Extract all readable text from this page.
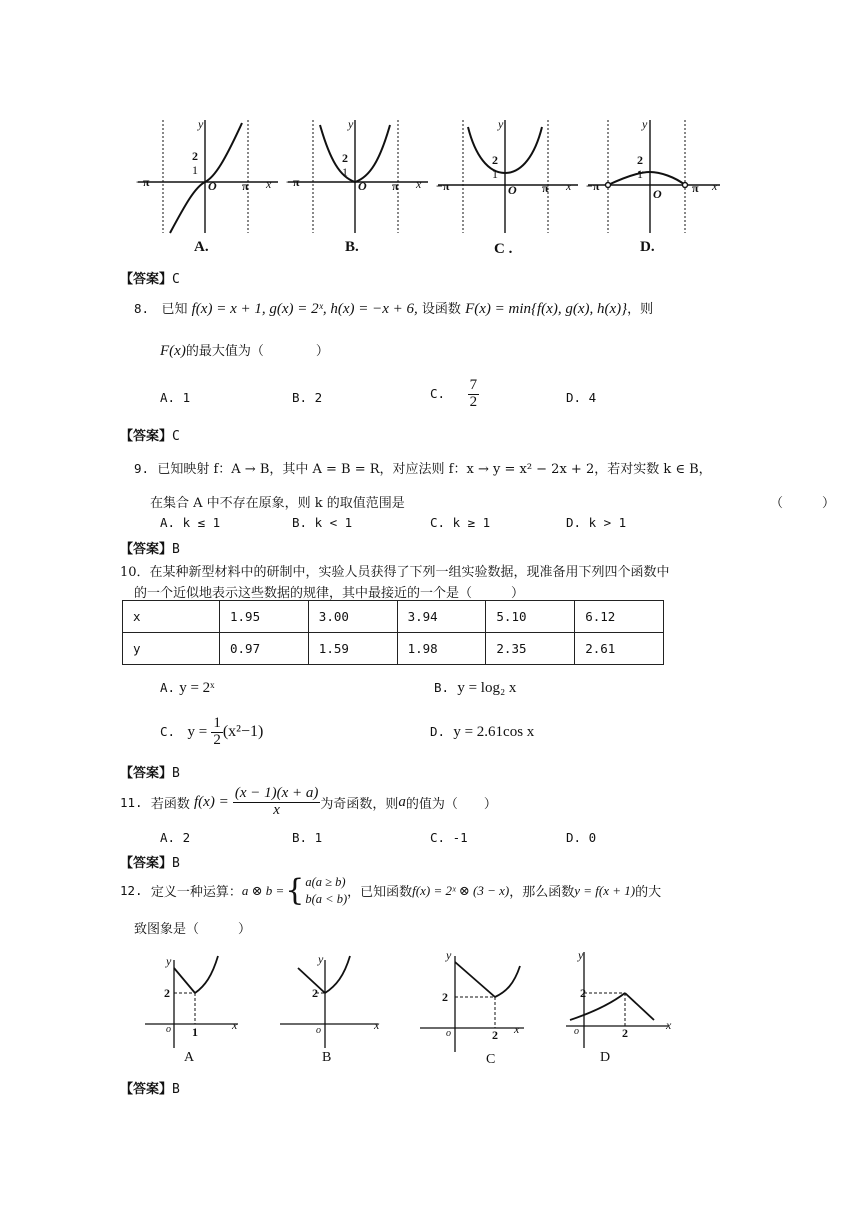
y
2
1
−π	O π x
A.
y
2
1
−π	O π x
B.
y
2
1
−π	O π x
C .
y
2
1
−π
O	π x
D.
【答案】C
8. 已知 f(x) = x + 1, g(x) = 2ˣ, h(x) = −x + 6, 设函数 F(x) = min{f(x), g(x), h(x)}，则
F(x)的最大值为（　　　　）
A. 1	B. 2	C. $\frac{7}{2}$	D. 4
【答案】C
9. 已知映射 f：A → B，其中 A = B = R，对应法则 f：x → y = x² − 2x + 2，若对实数 k ∈ B，
在集合 A 中不存在原象，则 k 的取值范围是	（　　　）
A. k ≤ 1	B. k < 1	C. k ≥ 1	D. k > 1
【答案】B
10．在某种新型材料中的研制中，实验人员获得了下列一组实验数据，现准备用下列四个函数中
的一个近似地表示这些数据的规律，其中最接近的一个是（　　　）
x	1.95	3.00	3.94	5.10	6.12
y	0.97	1.59	1.98	2.35	2.61
A. y = 2ˣ	B. y = log₂ x
C. $y = \frac{1}{2} (x^2-1)$	D. y = 2.61cos x
【答案】B
11.
若函数
f(x) =
$\frac{(x - 1)(x + a)}{x}$ 为奇函数，则 a 的值为（　　）
A. 2	B. 1	C. -1	D. 0
【答案】B
12.
定义一种运算： a ⊗ b = { a(a ≥ b)
b(a < b) ，已知函数 f(x) = 2ˣ ⊗ (3 − x) ，那么函数 y = f(x + 1) 的大
致图象是（　　　）
y
2
o 1	x
A
y
2
o	x
B
y
2
o	2 x
C
y
2
o	2
x
D
【答案】B
